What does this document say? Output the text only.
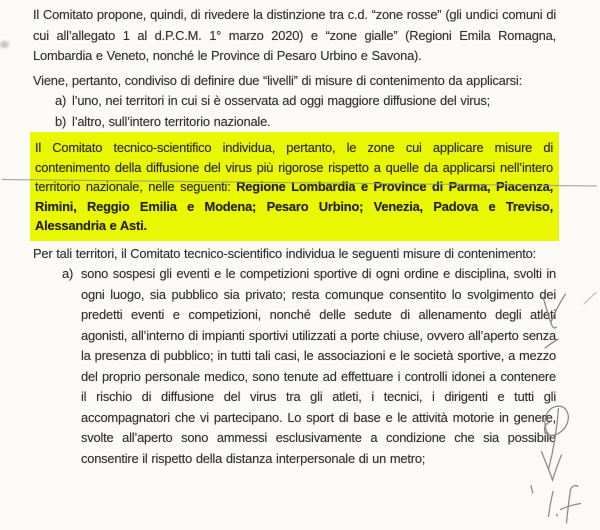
Il Comitato propone, quindi, di rivedere la distinzione tra c.d. “zone rosse” (gli undici comuni di cui all’allegato 1 al d.P.C.M. 1° marzo 2020) e “zone gialle” (Regioni Emila Romagna, Lombardia e Veneto, nonché le Province di Pesaro Urbino e Savona).

Viene, pertanto, condiviso di definire due “livelli” di misure di contenimento da applicarsi:

a) l’uno, nei territori in cui si è osservata ad oggi maggiore diffusione del virus;
b) l’altro, sull’intero territorio nazionale.
Il Comitato tecnico-scientifico individua, pertanto, le zone cui applicare misure di contenimento della diffusione del virus più rigorose rispetto a quelle da applicarsi nell’intero territorio nazionale, nelle seguenti: Regione Lombardia e Province di Parma, Piacenza, Rimini, Reggio Emilia e Modena; Pesaro Urbino; Venezia, Padova e Treviso, Alessandria e Asti.

Per tali territori, il Comitato tecnico-scientifico individua le seguenti misure di contenimento:

a) sono sospesi gli eventi e le competizioni sportive di ogni ordine e disciplina, svolti in ogni luogo, sia pubblico sia privato; resta comunque consentito lo svolgimento dei predetti eventi e competizioni, nonché delle sedute di allenamento degli atleti agonisti, all’interno di impianti sportivi utilizzati a porte chiuse, ovvero all’aperto senza la presenza di pubblico; in tutti tali casi, le associazioni e le società sportive, a mezzo del proprio personale medico, sono tenute ad effettuare i controlli idonei a contenere il rischio di diffusione del virus tra gli atleti, i tecnici, i dirigenti e tutti gli accompagnatori che vi partecipano. Lo sport di base e le attività motorie in genere, svolte all’aperto sono ammessi esclusivamente a condizione che sia possibile consentire il rispetto della distanza interpersonale di un metro;
